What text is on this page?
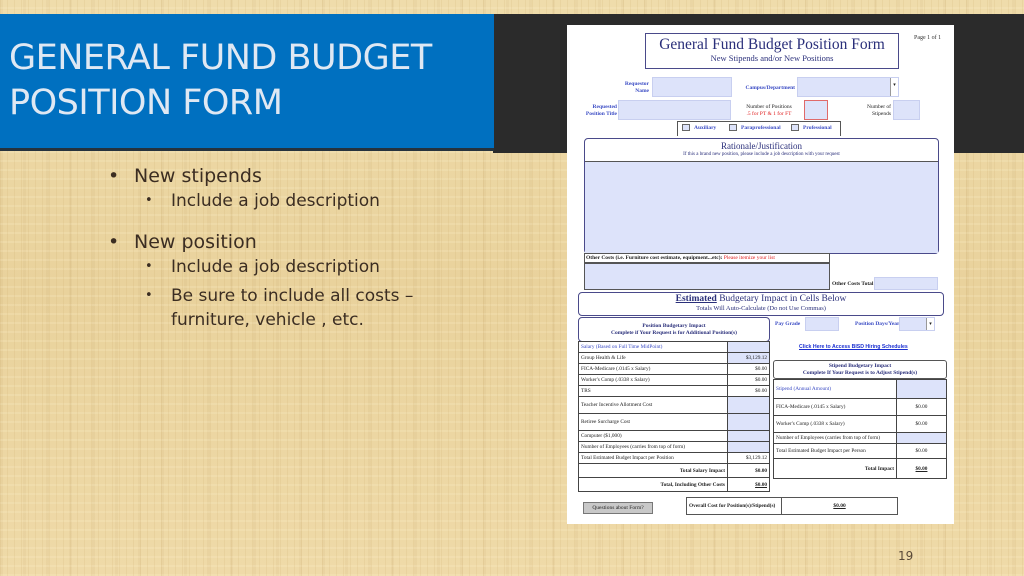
GENERAL FUND BUDGET
POSITION FORM
• New stipends
•	Include a job description
• New position
•	Include a job description
•	Be sure to include all costs –
furniture, vehicle , etc.
General Fund Budget Position Form
New Stipends and/or New Positions
Page 1 of 1
Requestor
Name	Campus/Department	▾
Requested
Position Title
Number of Positions
.5 for PT & 1 for FT
Number of
Stipends
Auxiliary	Paraprofessional	Professional
Rationale/Justification
If this a brand new position, please include a job description with your request
Other Costs (i.e. Furniture cost estimate, equipment...etc): Please itemize your list
Other Costs Total
Estimated Budgetary Impact in Cells Below
Totals Will Auto-Calculate (Do not Use Commas)
Position Budgetary Impact
Complete if Your Request is for Additional Position(s)
Pay Grade	Position Days/Year	▾
Click Here to Access BISD Hiring Schedules
Salary (Based on Full Time MidPoint)	
Group Health & Life	$3,129.12
FICA-Medicare (.0145 x Salary)	$0.00
Worker's Comp (.0338 x Salary)	$0.00
TRS	$0.00
Teacher Incentive Allotment Cost	
Retiree Surcharge Cost	
Computer ($1,000)	
Number of Employees (carries from top of form)	
Total Estimated Budget Impact per Position	$3,129.12
Total Salary Impact	$0.00
Total, Including Other Costs	$0.00
Stipend Budgetary Impact
Complete If Your Request is to Adjust Stipend(s)
Stipend (Annual Amount)	
FICA-Medicare (.0145 x Salary)	$0.00
Worker's Comp (.0338 x Salary)	$0.00
Number of Employees (carries from top of form)	
Total Estimated Budget Impact per Person	$0.00
Total Impact	$0.00
Questions about Form?	Overall Cost for Position(s)/Stipend(s)	$0.00
19
